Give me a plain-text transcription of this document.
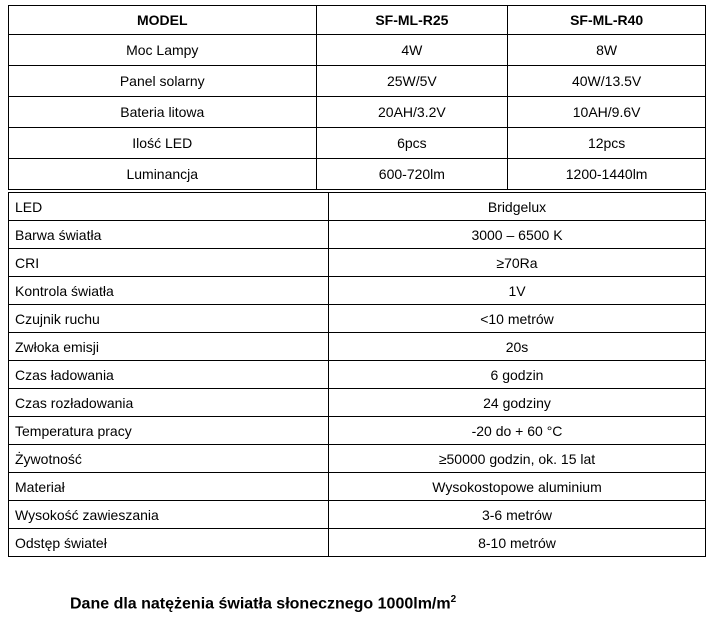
MODEL	SF-ML-R25	SF-ML-R40
Moc Lampy	4W	8W
Panel solarny	25W/5V	40W/13.5V
Bateria litowa	20AH/3.2V	10AH/9.6V
Ilość LED	6pcs	12pcs
Luminancja	600-720lm	1200-1440lm
LED	Bridgelux
Barwa światła	3000 – 6500 K
CRI	≥70Ra
Kontrola światła	1V
Czujnik ruchu	<10 metrów
Zwłoka emisji	20s
Czas ładowania	6 godzin
Czas rozładowania	24 godziny
Temperatura pracy	-20 do + 60 °C
Żywotność	≥50000 godzin, ok. 15 lat
Materiał	Wysokostopowe aluminium
Wysokość zawieszania	3-6 metrów
Odstęp świateł	8-10 metrów
Dane dla natężenia światła słonecznego $1000lm/m^2$
